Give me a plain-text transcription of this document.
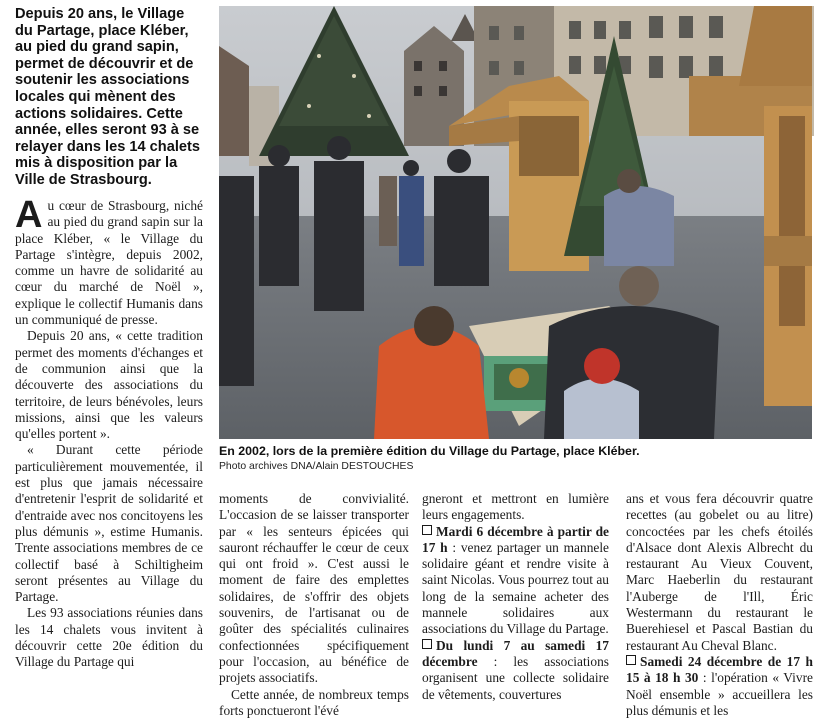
Depuis 20 ans, le Village du Partage, place Kléber, au pied du grand sapin, permet de découvrir et de soutenir les associations locales qui mènent des actions solidaires. Cette année, elles seront 93 à se relayer dans les 14 chalets mis à disposition par la Ville de Strasbourg.

Au cœur de Strasbourg, niché au pied du grand sapin sur la place Kléber, « le Village du Partage s'intègre, depuis 2002, comme un havre de solidarité au cœur du marché de Noël », explique le collectif Humanis dans un communiqué de presse.

Depuis 20 ans, « cette tradition permet des moments d'échanges et de communion ainsi que la découverte des associations du territoire, de leurs bénévoles, leurs missions, ainsi que les valeurs qu'elles portent ».

« Durant cette période particulièrement mouvementée, il est plus que jamais nécessaire d'entretenir l'esprit de solidarité et d'entraide avec nos concitoyens les plus démunis », estime Humanis. Trente associations membres de ce collectif basé à Schiltigheim seront présentes au Village du Partage.

Les 93 associations réunies dans les 14 chalets vous invitent à découvrir cette 20e édition du Village du Partage qui

En 2002, lors de la première édition du Village du Partage, place Kléber.
Photo archives DNA/Alain DESTOUCHES

moments de convivialité. L'occasion de se laisser transporter par « les senteurs épicées qui sauront réchauffer le cœur de ceux qui ont froid ». C'est aussi le moment de faire des emplettes solidaires, de s'offrir des objets souvenirs, de l'artisanat ou de goûter des spécialités culinaires confectionnées spécifiquement pour l'occasion, au bénéfice de projets associatifs.

Cette année, de nombreux temps forts ponctueront l'évé

gneront et mettront en lumière leurs engagements.

Mardi 6 décembre à partir de 17 h : venez partager un mannele solidaire géant et rendre visite à saint Nicolas. Vous pourrez tout au long de la semaine acheter des mannele solidaires aux associations du Village du Partage.

Du lundi 7 au samedi 17 décembre : les associations organisent une collecte solidaire de vêtements, couvertures

ans et vous fera découvrir quatre recettes (au gobelet ou au litre) concoctées par les chefs étoilés d'Alsace dont Alexis Albrecht du restaurant Au Vieux Couvent, Marc Haeberlin du restaurant l'Auberge de l'Ill, Éric Westermann du restaurant le Buerehiesel et Pascal Bastian du restaurant Au Cheval Blanc.

Samedi 24 décembre de 17 h 15 à 18 h 30 : l'opération « Vivre Noël ensemble » accueillera les plus démunis et les
